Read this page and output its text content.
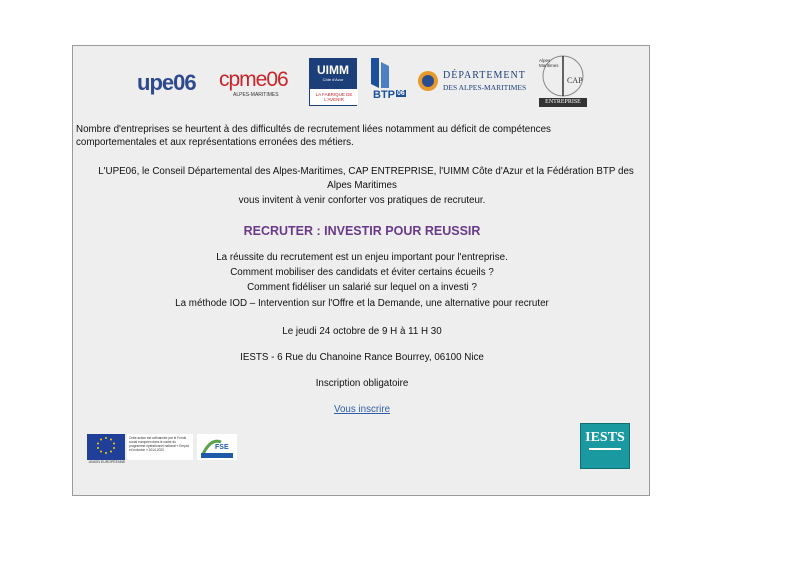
upe06	cpme06
ALPES-MARITIMES
UIMM
Côte d'Azur
LA FABRIQUE DE L'AVENIR	BTP 06
DÉPARTEMENT
DES ALPES-MARITIMES
Alpes Maritimes
CAP
ENTREPRISE
Nombre d'entreprises se heurtent à des difficultés de recrutement liées notamment au déficit de compétences
comportementales et aux représentations erronées des métiers.
L'UPE06, le Conseil Départemental des Alpes-Maritimes, CAP ENTREPRISE, l'UIMM Côte d'Azur et la Fédération BTP des
Alpes Maritimes
vous invitent à venir conforter vos pratiques de recruteur.
RECRUTER : INVESTIR POUR REUSSIR
La réussite du recrutement est un enjeu important pour l'entreprise.
Comment mobiliser des candidats et éviter certains écueils ?
Comment fidéliser un salarié sur lequel on a investi ?
La méthode IOD – Intervention sur l'Offre et la Demande, une alternative pour recruter
Le jeudi 24 octobre de 9 H à 11 H 30
IESTS - 6 Rue du Chanoine Rance Bourrey, 06100 Nice
Inscription obligatoire
Vous inscrire
UNION EUROPÉENNE
Cette action est cofinancée par le Fonds social européen dans le cadre du programme opérationnel national « Emploi et Inclusion » 2014-2020	FSE
IESTS
